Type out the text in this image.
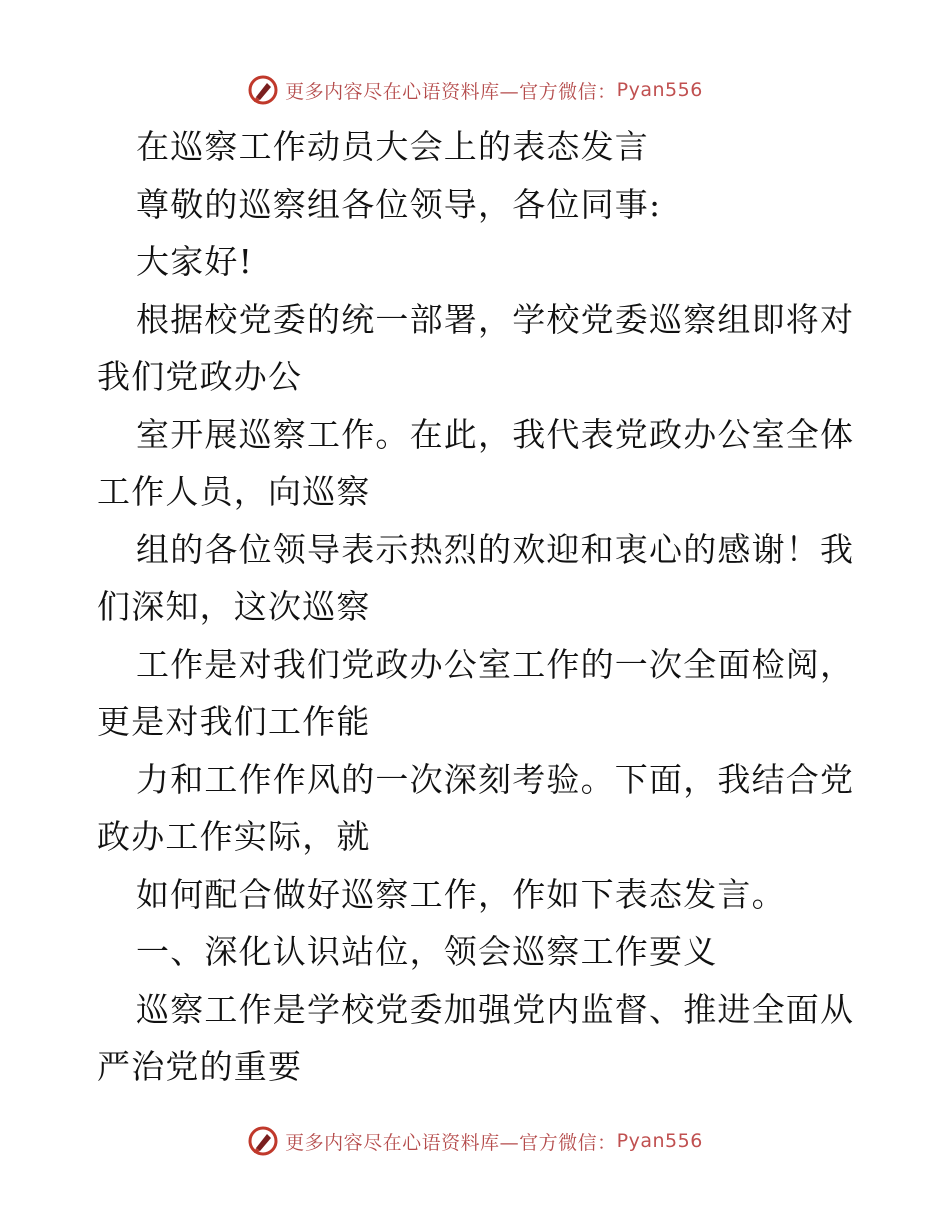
更多内容尽在心语资料库—官方微信： Pyan556

在巡察工作动员大会上的表态发言

尊敬的巡察组各位领导，各位同事:

大家好!

根据校党委的统一部署，学校党委巡察组即将对

我们党政办公

室开展巡察工作。在此，我代表党政办公室全体

工作人员，向巡察

组的各位领导表示热烈的欢迎和衷心的感谢！我

们深知，这次巡察

工作是对我们党政办公室工作的一次全面检阅，

更是对我们工作能

力和工作作风的一次深刻考验。下面，我结合党

政办工作实际，就

如何配合做好巡察工作，作如下表态发言。

一、深化认识站位，领会巡察工作要义

巡察工作是学校党委加强党内监督、推进全面从

严治党的重要

更多内容尽在心语资料库—官方微信： Pyan556
